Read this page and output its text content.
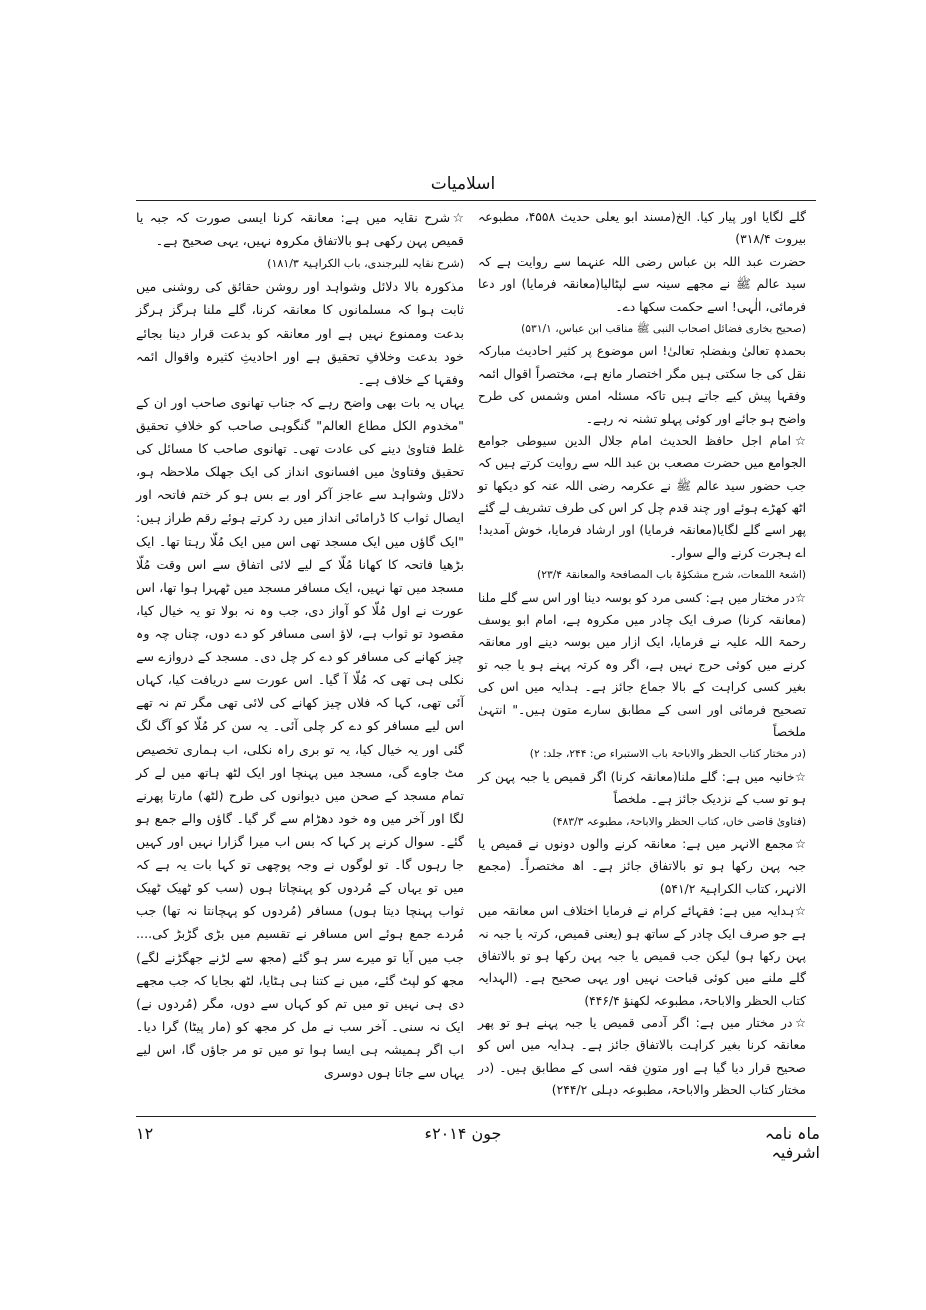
اسلامیات

گلے لگایا اور پیار کیا. الخ(مسند ابو یعلی حدیث ۴۵۵۸، مطبوعہ بیروت ۳۱۸/۴)

حضرت عبد اللہ بن عباس رضی اللہ عنہما سے روایت ہے کہ سید عالم ﷺ نے مجھے سینہ سے لپٹالیا(معانقہ فرمایا) اور دعا فرمائی، الٰہی! اسے حکمت سکھا دے۔

(صحیح بخاری فضائل اصحاب النبی ﷺ مناقب ابن عباس، ۵۳۱/۱)

بحمدہٖ تعالیٰ وبفضلہٖ تعالیٰ! اس موضوع پر کثیر احادیث مبارکہ نقل کی جا سکتی ہیں مگر اختصار مانع ہے، مختصراً اقوال ائمہ وفقہا پیش کیے جاتے ہیں تاکہ مسئلہ امس وشمس کی طرح واضح ہو جائے اور کوئی پہلو تشنہ نہ رہے۔

☆امام اجل حافظ الحدیث امام جلال الدین سیوطی جوامع الجوامع میں حضرت مصعب بن عبد اللہ سے روایت کرتے ہیں کہ جب حضور سید عالم ﷺ نے عکرمہ رضی اللہ عنہ کو دیکھا تو اٹھ کھڑے ہوئے اور چند قدم چل کر اس کی طرف تشریف لے گئے پھر اسے گلے لگایا(معانقہ فرمایا) اور ارشاد فرمایا، خوش آمدید! اے ہجرت کرنے والے سوار۔

(اشعۃ اللمعات، شرح مشکوٰۃ باب المصافحۃ والمعانقۃ ۲۳/۴)

☆در مختار میں ہے: کسی مرد کو بوسہ دینا اور اس سے گلے ملنا (معانقہ کرنا) صرف ایک چادر میں مکروہ ہے، امام ابو یوسف رحمۃ اللہ علیہ نے فرمایا، ایک ازار میں بوسہ دینے اور معانقہ کرنے میں کوئی حرج نہیں ہے، اگر وہ کرتہ پہنے ہو یا جبہ تو بغیر کسی کراہت کے بالا جماع جائز ہے۔ ہدایہ میں اس کی تصحیح فرمائی اور اسی کے مطابق سارے متون ہیں۔" انتہیٰ ملخصاً

(در مختار کتاب الحظر والاباحۃ باب الاستبراء ص: ۲۴۴، جلد: ۲)

☆خانیہ میں ہے: گلے ملنا(معانقہ کرنا) اگر قمیص یا جبہ پہن کر ہو تو سب کے نزدیک جائز ہے۔ ملخصاً

(فتاویٰ قاضی خاں، کتاب الحظر والاباحۃ، مطبوعہ ۴۸۳/۳)

☆مجمع الانہر میں ہے: معانقہ کرنے والوں دونوں نے قمیص یا جبہ پہن رکھا ہو تو بالاتفاق جائز ہے۔ اھ مختصراً۔ (مجمع الانہر، کتاب الکراہیۃ ۵۴۱/۲)

☆ہدایہ میں ہے: فقہائے کرام نے فرمایا اختلاف اس معانقہ میں ہے جو صرف ایک چادر کے ساتھ ہو (یعنی قمیص، کرتہ یا جبہ نہ پہن رکھا ہو) لیکن جب قمیص یا جبہ پہن رکھا ہو تو بالاتفاق گلے ملنے میں کوئی قباحت نہیں اور یہی صحیح ہے۔ (الہدایہ کتاب الحظر والاباحۃ، مطبوعہ لکھنؤ ۴۴۶/۴)

☆در مختار میں ہے: اگر آدمی قمیص یا جبہ پہنے ہو تو پھر معانقہ کرنا بغیر کراہت بالاتفاق جائز ہے۔ ہدایہ میں اس کو صحیح قرار دیا گیا ہے اور متونِ فقہ اسی کے مطابق ہیں۔ (در مختار کتاب الحظر والاباحۃ، مطبوعہ دہلی ۲۴۴/۲)

☆شرح نقایہ میں ہے: معانقہ کرنا ایسی صورت کہ جبہ یا قمیص پہن رکھی ہو بالاتفاق مکروہ نہیں، یہی صحیح ہے۔

(شرح نقایہ للبرجندی، باب الکراہیۃ ۱۸۱/۳)

مذکورہ بالا دلائل وشواہد اور روشن حقائق کی روشنی میں ثابت ہوا کہ مسلمانوں کا معانقہ کرنا، گلے ملنا ہرگز ہرگز بدعت وممنوع نہیں ہے اور معانقہ کو بدعت قرار دینا بجائے خود بدعت وخلافِ تحقیق ہے اور احادیثِ کثیرہ واقوال ائمہ وفقہا کے خلاف ہے۔

یہاں یہ بات بھی واضح رہے کہ جناب تھانوی صاحب اور ان کے "مخدوم الکل مطاع العالم" گنگوہی صاحب کو خلافِ تحقیق غلط فتاویٰ دینے کی عادت تھی۔ تھانوی صاحب کا مسائل کی تحقیق وفتاویٰ میں افسانوی انداز کی ایک جھلک ملاحظہ ہو، دلائل وشواہد سے عاجز آکر اور بے بس ہو کر ختم فاتحہ اور ایصال ثواب کا ڈرامائی انداز میں رد کرتے ہوئے رقم طراز ہیں:

"ایک گاؤں میں ایک مسجد تھی اس میں ایک مُلّا رہتا تھا۔ ایک بڑھیا فاتحہ کا کھانا مُلّا کے لیے لائی اتفاق سے اس وقت مُلّا مسجد میں تھا نہیں، ایک مسافر مسجد میں ٹھہرا ہوا تھا، اس عورت نے اول مُلّا کو آواز دی، جب وہ نہ بولا تو یہ خیال کیا، مقصود تو ثواب ہے، لاؤ اسی مسافر کو دے دوں، چناں چہ وہ چیز کھانے کی مسافر کو دے کر چل دی۔ مسجد کے دروازے سے نکلی ہی تھی کہ مُلّا آ گیا۔ اس عورت سے دریافت کیا، کہاں آئی تھی، کہا کہ فلاں چیز کھانے کی لائی تھی مگر تم نہ تھے اس لیے مسافر کو دے کر چلی آئی۔ یہ سن کر مُلّا کو آگ لگ گئی اور یہ خیال کیا، یہ تو بری راہ نکلی، اب ہماری تخصیص مٹ جاوے گی، مسجد میں پہنچا اور ایک لٹھ ہاتھ میں لے کر تمام مسجد کے صحن میں دیوانوں کی طرح (لٹھ) مارتا پھرنے لگا اور آخر میں وہ خود دھڑام سے گر گیا۔ گاؤں والے جمع ہو گئے۔ سوال کرنے پر کہا کہ بس اب میرا گزارا نہیں اور کہیں جا رہوں گا۔ تو لوگوں نے وجہ پوچھی تو کہا بات یہ ہے کہ میں تو یہاں کے مُردوں کو پہنچاتا ہوں (سب کو ٹھیک ٹھیک ثواب پہنچا دیتا ہوں) مسافر (مُردوں کو پہچانتا نہ تھا) جب مُردے جمع ہوئے اس مسافر نے تقسیم میں بڑی گڑبڑ کی.... جب میں آیا تو میرے سر ہو گئے (مجھ سے لڑنے جھگڑنے لگے) مجھ کو لپٹ گئے، میں نے کتنا ہی ہٹایا، لٹھ بجایا کہ جب مجھے دی ہی نہیں تو میں تم کو کہاں سے دوں، مگر (مُردوں نے) ایک نہ سنی۔ آخر سب نے مل کر مجھ کو (مار پیٹا) گرا دیا۔ اب اگر ہمیشہ ہی ایسا ہوا تو میں تو مر جاؤں گا، اس لیے یہاں سے جاتا ہوں دوسری

ماہ نامہ اشرفیہ
جون ۲۰۱۴ء
۱۲
